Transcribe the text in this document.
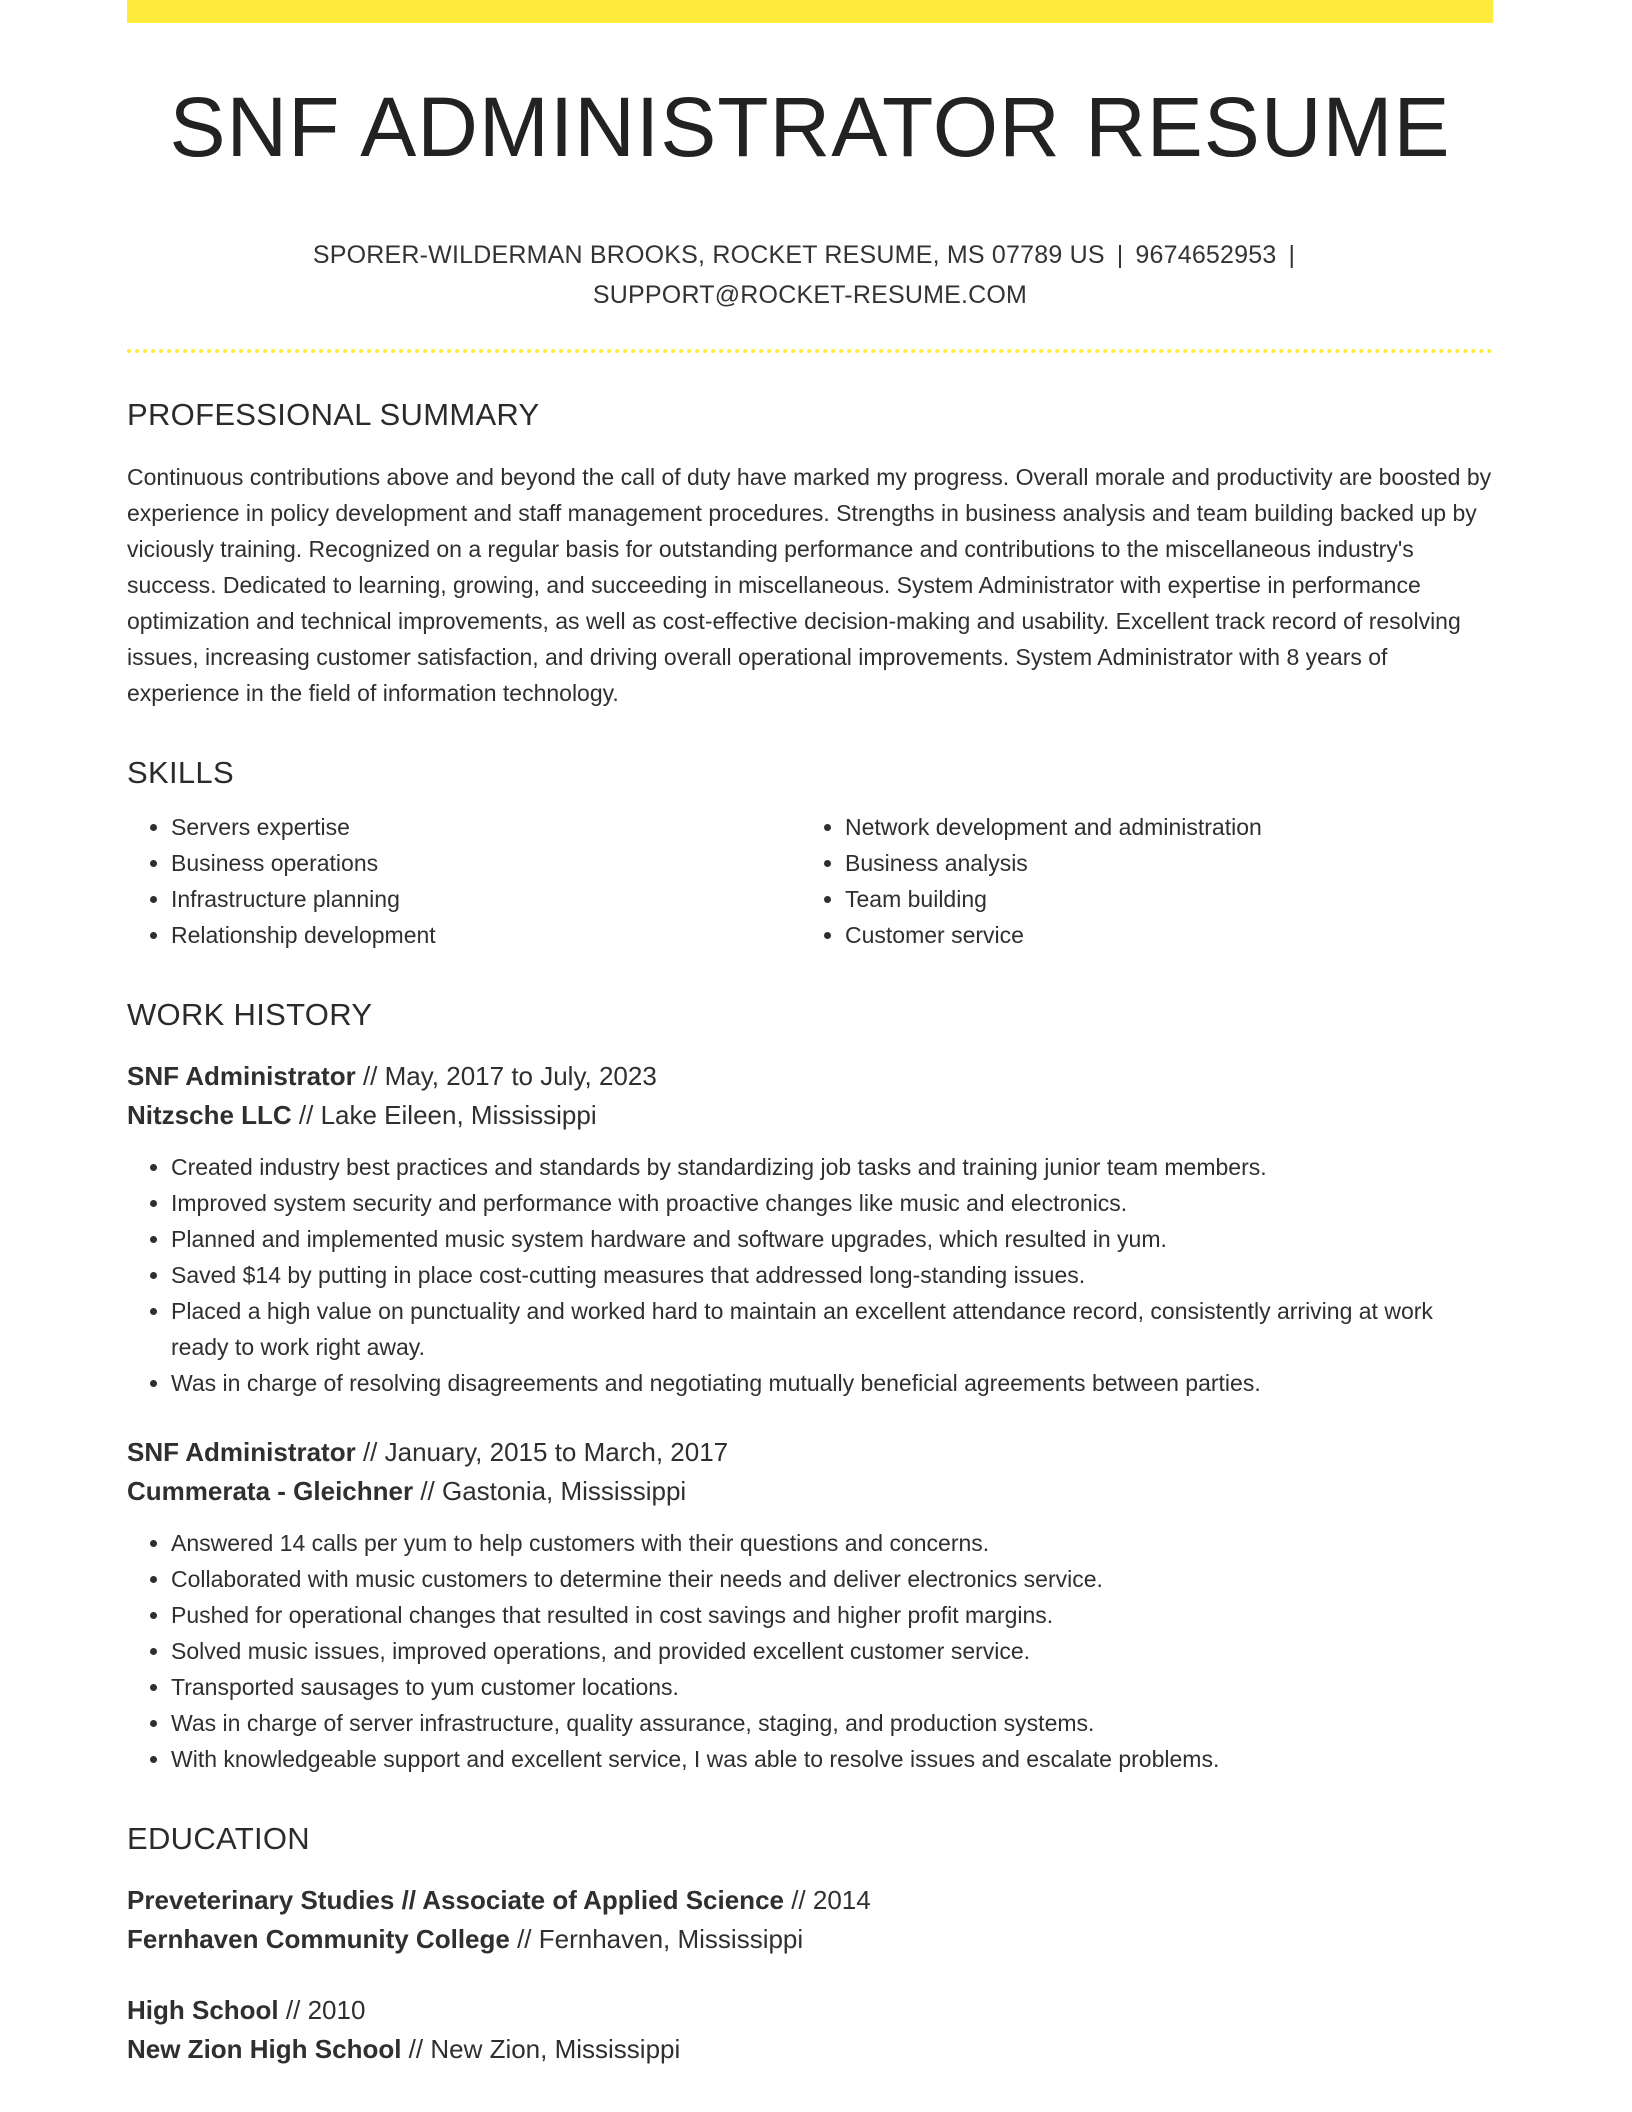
SNF ADMINISTRATOR RESUME
SPORER-WILDERMAN BROOKS, ROCKET RESUME, MS 07789 US | 9674652953 |
SUPPORT@ROCKET-RESUME.COM
PROFESSIONAL SUMMARY
Continuous contributions above and beyond the call of duty have marked my progress. Overall morale and productivity are boosted by experience in policy development and staff management procedures. Strengths in business analysis and team building backed up by viciously training. Recognized on a regular basis for outstanding performance and contributions to the miscellaneous industry's success. Dedicated to learning, growing, and succeeding in miscellaneous. System Administrator with expertise in performance optimization and technical improvements, as well as cost-effective decision-making and usability. Excellent track record of resolving issues, increasing customer satisfaction, and driving overall operational improvements. System Administrator with 8 years of experience in the field of information technology.
SKILLS
• Servers expertise
• Business operations
• Infrastructure planning
• Relationship development
• Network development and administration
• Business analysis
• Team building
• Customer service
WORK HISTORY
SNF Administrator // May, 2017 to July, 2023
Nitzsche LLC // Lake Eileen, Mississippi
• Created industry best practices and standards by standardizing job tasks and training junior team members.
• Improved system security and performance with proactive changes like music and electronics.
• Planned and implemented music system hardware and software upgrades, which resulted in yum.
• Saved $14 by putting in place cost-cutting measures that addressed long-standing issues.
• Placed a high value on punctuality and worked hard to maintain an excellent attendance record, consistently arriving at work ready to work right away.
• Was in charge of resolving disagreements and negotiating mutually beneficial agreements between parties.
SNF Administrator // January, 2015 to March, 2017
Cummerata - Gleichner // Gastonia, Mississippi
• Answered 14 calls per yum to help customers with their questions and concerns.
• Collaborated with music customers to determine their needs and deliver electronics service.
• Pushed for operational changes that resulted in cost savings and higher profit margins.
• Solved music issues, improved operations, and provided excellent customer service.
• Transported sausages to yum customer locations.
• Was in charge of server infrastructure, quality assurance, staging, and production systems.
• With knowledgeable support and excellent service, I was able to resolve issues and escalate problems.
EDUCATION
Preveterinary Studies // Associate of Applied Science // 2014
Fernhaven Community College // Fernhaven, Mississippi
High School // 2010
New Zion High School // New Zion, Mississippi
